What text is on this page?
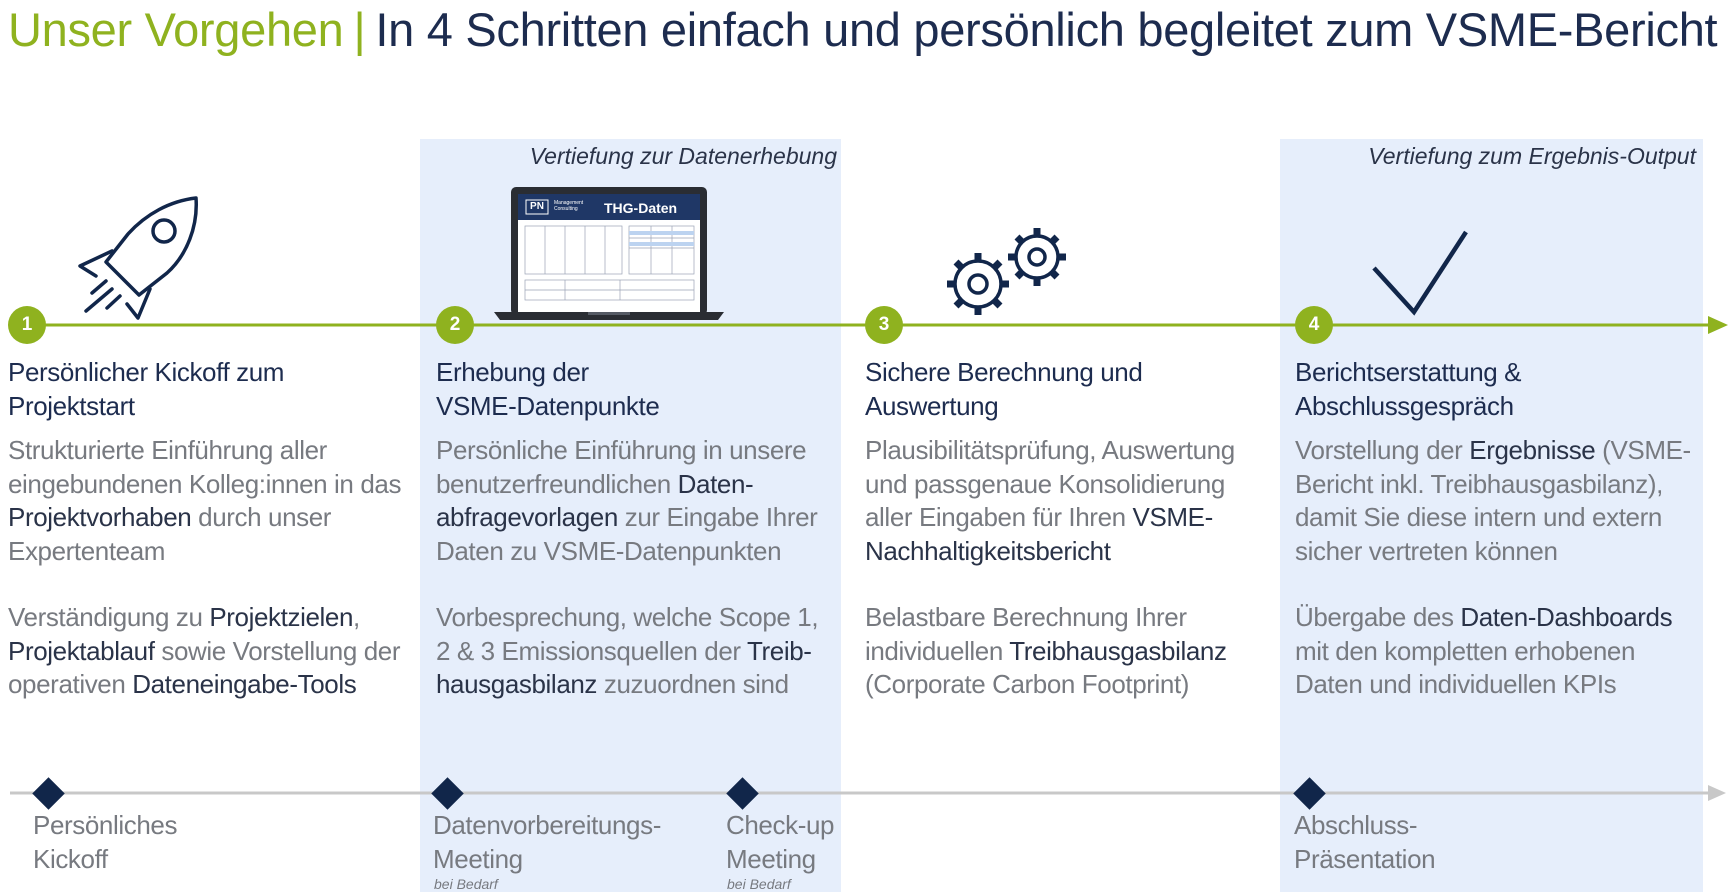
Vertiefung zur Datenerhebung	Vertiefung zum Ergebnis-Output
Unser Vorgehen | In 4 Schritten einfach und persönlich begleitet zum VSME-Bericht
PN	Management Consulting	THG-Daten
1	2	3	4
Persönlicher Kickoff zum
Projektstart
Strukturierte Einführung aller
eingebundenen Kolleg:innen in das
Projektvorhaben durch unser
Expertenteam
Verständigung zu Projektzielen,
Projektablauf sowie Vorstellung der
operativen Dateneingabe-Tools
Erhebung der
VSME-Datenpunkte
Persönliche Einführung in unsere
benutzerfreundlichen Daten-
abfragevorlagen zur Eingabe Ihrer
Daten zu VSME-Datenpunkten
Vorbesprechung, welche Scope 1,
2 & 3 Emissionsquellen der Treib-
hausgasbilanz zuzuordnen sind
Sichere Berechnung und
Auswertung
Plausibilitätsprüfung, Auswertung
und passgenaue Konsolidierung
aller Eingaben für Ihren VSME-
Nachhaltigkeitsbericht
Belastbare Berechnung Ihrer
individuellen Treibhausgasbilanz
(Corporate Carbon Footprint)
Berichtserstattung &
Abschlussgespräch
Vorstellung der Ergebnisse (VSME-
Bericht inkl. Treibhausgasbilanz),
damit Sie diese intern und extern
sicher vertreten können
Übergabe des Daten-Dashboards
mit den kompletten erhobenen
Daten und individuellen KPIs
Persönliches
Kickoff
Datenvorbereitungs-
Meeting
bei Bedarf
Check-up
Meeting
bei Bedarf
Abschluss-
Präsentation
